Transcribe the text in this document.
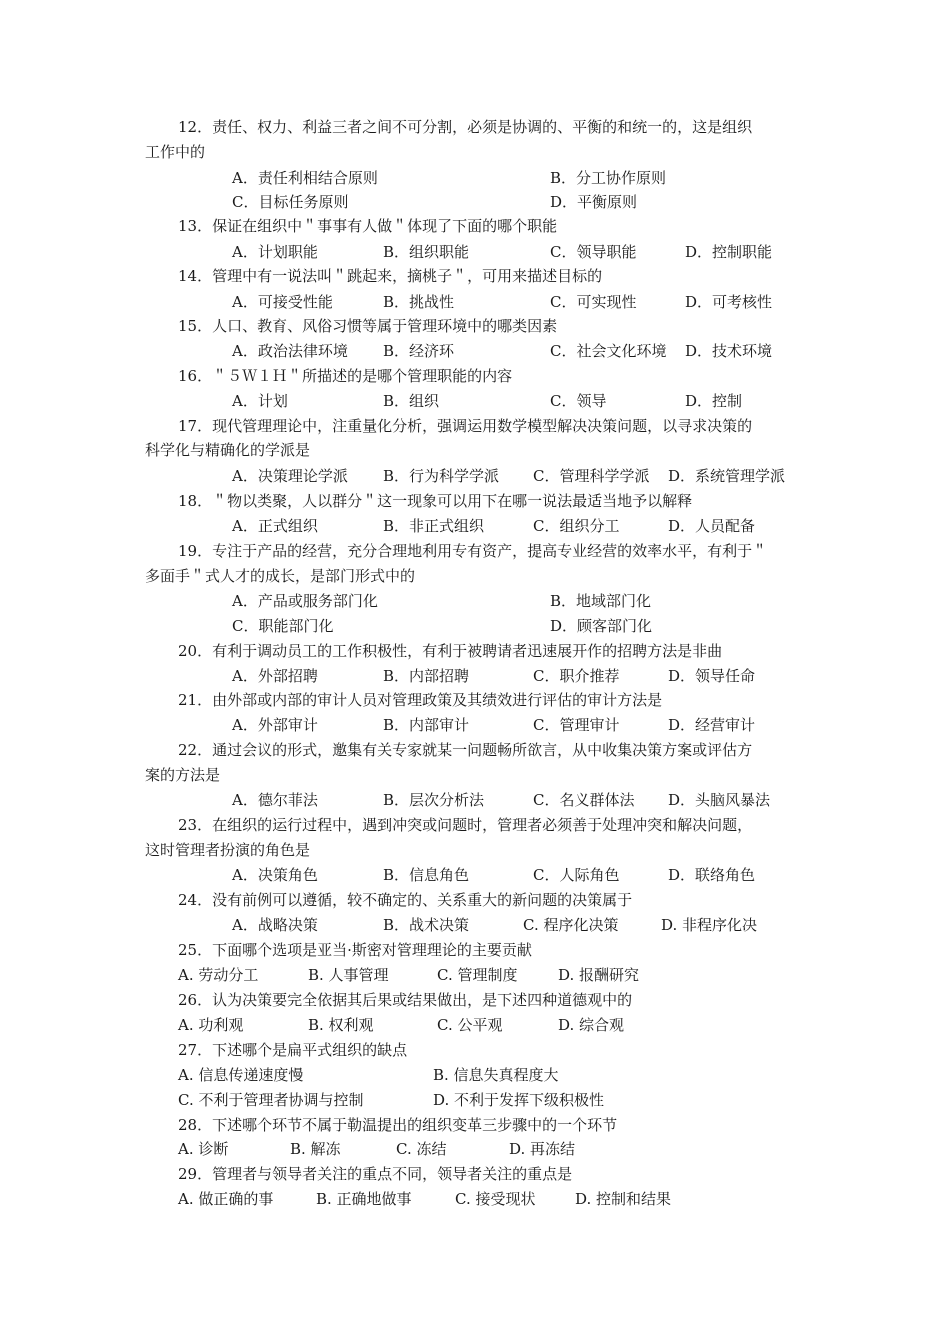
12．责任、权力、利益三者之间不可分割，必须是协调的、平衡的和统一的，这是组织
工作中的
A．责任利相结合原则	B．分工协作原则
C．目标任务原则	D．平衡原则
13．保证在组织中＂事事有人做＂体现了下面的哪个职能
A．计划职能	B．组织职能	C．领导职能	D．控制职能
14．管理中有一说法叫＂跳起来，摘桃子＂，可用来描述目标的
A．可接受性能	B．挑战性	C．可实现性	D．可考核性
15．人口、教育、风俗习惯等属于管理环境中的哪类因素
A．政治法律环境 B．经济环	C．社会文化环境 D．技术环境
16．＂５Ｗ１Ｈ＂所描述的是哪个管理职能的内容
A．计划	B．组织	C．领导	D．控制
17．现代管理理论中，注重量化分析，强调运用数学模型解决决策问题，以寻求决策的
科学化与精确化的学派是
A．决策理论学派 B．行为科学学派 C．管理科学学派 D．系统管理学派
18．＂物以类聚，人以群分＂这一现象可以用下在哪一说法最适当地予以解释
A．正式组织	B．非正式组织	C．组织分工	D．人员配备
19．专注于产品的经营，充分合理地利用专有资产，提高专业经营的效率水平，有利于＂
多面手＂式人才的成长，是部门形式中的
A．产品或服务部门化	B．地域部门化
C．职能部门化	D．顾客部门化
20．有利于调动员工的工作积极性，有利于被聘请者迅速展开作的招聘方法是非曲
A．外部招聘	B．内部招聘	C．职介推荐	D．领导任命
21．由外部或内部的审计人员对管理政策及其绩效进行评估的审计方法是
A．外部审计	B．内部审计	C．管理审计	D．经营审计
22．通过会议的形式，邀集有关专家就某一问题畅所欲言，从中收集决策方案或评估方
案的方法是
A．德尔菲法	B．层次分析法	C．名义群体法 D．头脑风暴法
23．在组织的运行过程中，遇到冲突或问题时，管理者必须善于处理冲突和解决问题，
这时管理者扮演的角色是
A．决策角色	B．信息角色	C．人际角色	D．联络角色
24．没有前例可以遵循，较不确定的、关系重大的新问题的决策属于
A．战略决策	B．战术决策	C. 程序化决策	D. 非程序化决
25．下面哪个选项是亚当·斯密对管理理论的主要贡献
A. 劳动分工	B. 人事管理	C. 管理制度	D. 报酬研究
26．认为决策要完全依据其后果或结果做出，是下述四种道德观中的
A. 功利观	B. 权利观	C. 公平观	D. 综合观
27．下述哪个是扁平式组织的缺点
A. 信息传递速度慢	B. 信息失真程度大
C. 不利于管理者协调与控制	D. 不利于发挥下级积极性
28．下述哪个环节不属于勒温提出的组织变革三步骤中的一个环节
A. 诊断	B. 解冻	C. 冻结	D. 再冻结
29．管理者与领导者关注的重点不同，领导者关注的重点是
A. 做正确的事	B. 正确地做事	C. 接受现状	D. 控制和结果
